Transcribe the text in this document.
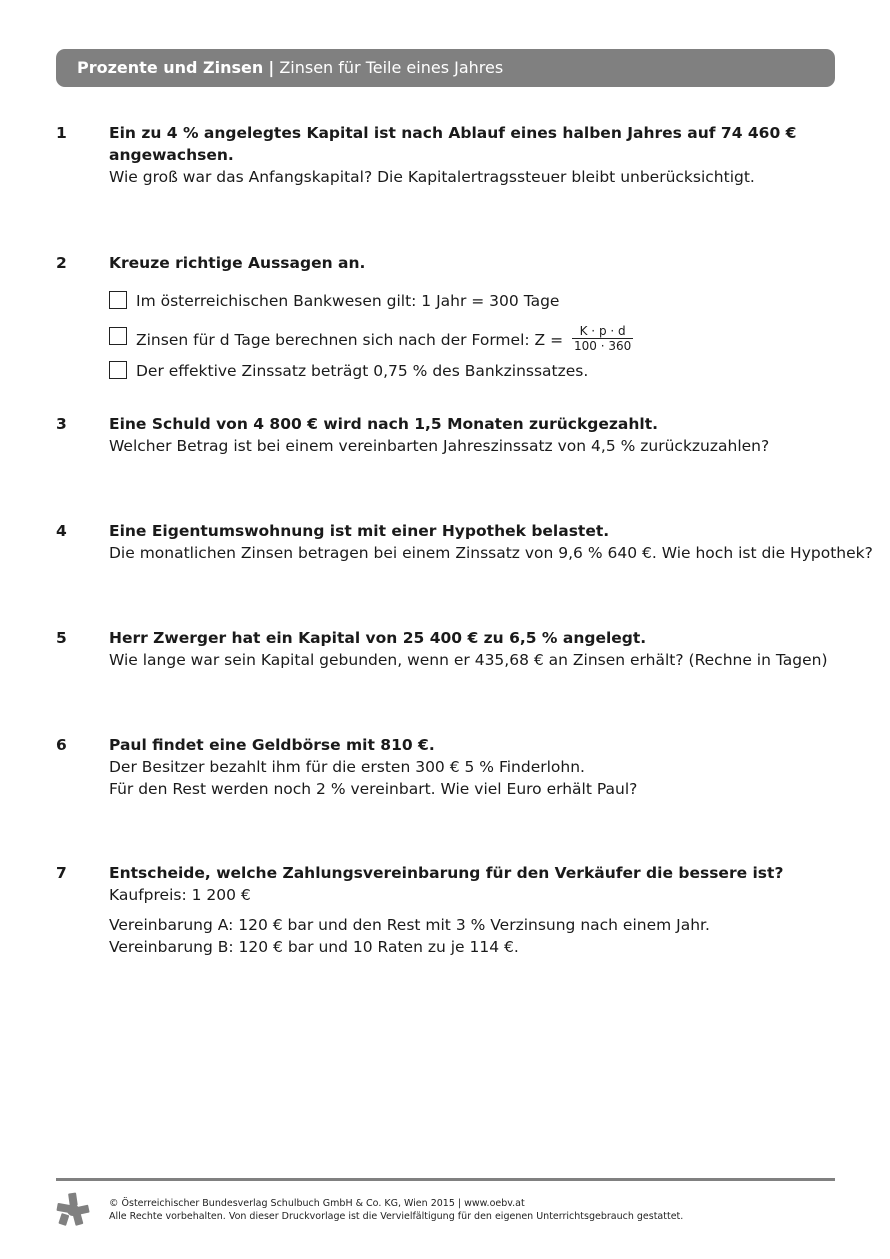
Prozente und Zinsen | Zinsen für Teile eines Jahres
1	Ein zu 4 % angelegtes Kapital ist nach Ablauf eines halben Jahres auf 74 460 €
angewachsen.
Wie groß war das Anfangskapital? Die Kapitalertragssteuer bleibt unberücksichtigt.
2	Kreuze richtige Aussagen an.
Im österreichischen Bankwesen gilt: 1 Jahr = 300 Tage
Zinsen für d Tage berechnen sich nach der Formel: $Z = \frac{K \cdot p \cdot d}{100 \cdot 360}$
Der effektive Zinssatz beträgt 0,75 % des Bankzinssatzes.
3	Eine Schuld von 4 800 € wird nach 1,5 Monaten zurückgezahlt.
Welcher Betrag ist bei einem vereinbarten Jahreszinssatz von 4,5 % zurückzuzahlen?
4	Eine Eigentumswohnung ist mit einer Hypothek belastet.
Die monatlichen Zinsen betragen bei einem Zinssatz von 9,6 % 640 €. Wie hoch ist die Hypothek?
5	Herr Zwerger hat ein Kapital von 25 400 € zu 6,5 % angelegt.
Wie lange war sein Kapital gebunden, wenn er 435,68 € an Zinsen erhält? (Rechne in Tagen)
6	Paul findet eine Geldbörse mit 810 €.
Der Besitzer bezahlt ihm für die ersten 300 € 5 % Finderlohn.
Für den Rest werden noch 2 % vereinbart. Wie viel Euro erhält Paul?
7	Entscheide, welche Zahlungsvereinbarung für den Verkäufer die bessere ist?
Kaufpreis: 1 200 €
Vereinbarung A: 120 € bar und den Rest mit 3 % Verzinsung nach einem Jahr.
Vereinbarung B: 120 € bar und 10 Raten zu je 114 €.
© Österreichischer Bundesverlag Schulbuch GmbH & Co. KG, Wien 2015 | www.oebv.at
Alle Rechte vorbehalten. Von dieser Druckvorlage ist die Vervielfältigung für den eigenen Unterrichtsgebrauch gestattet.
